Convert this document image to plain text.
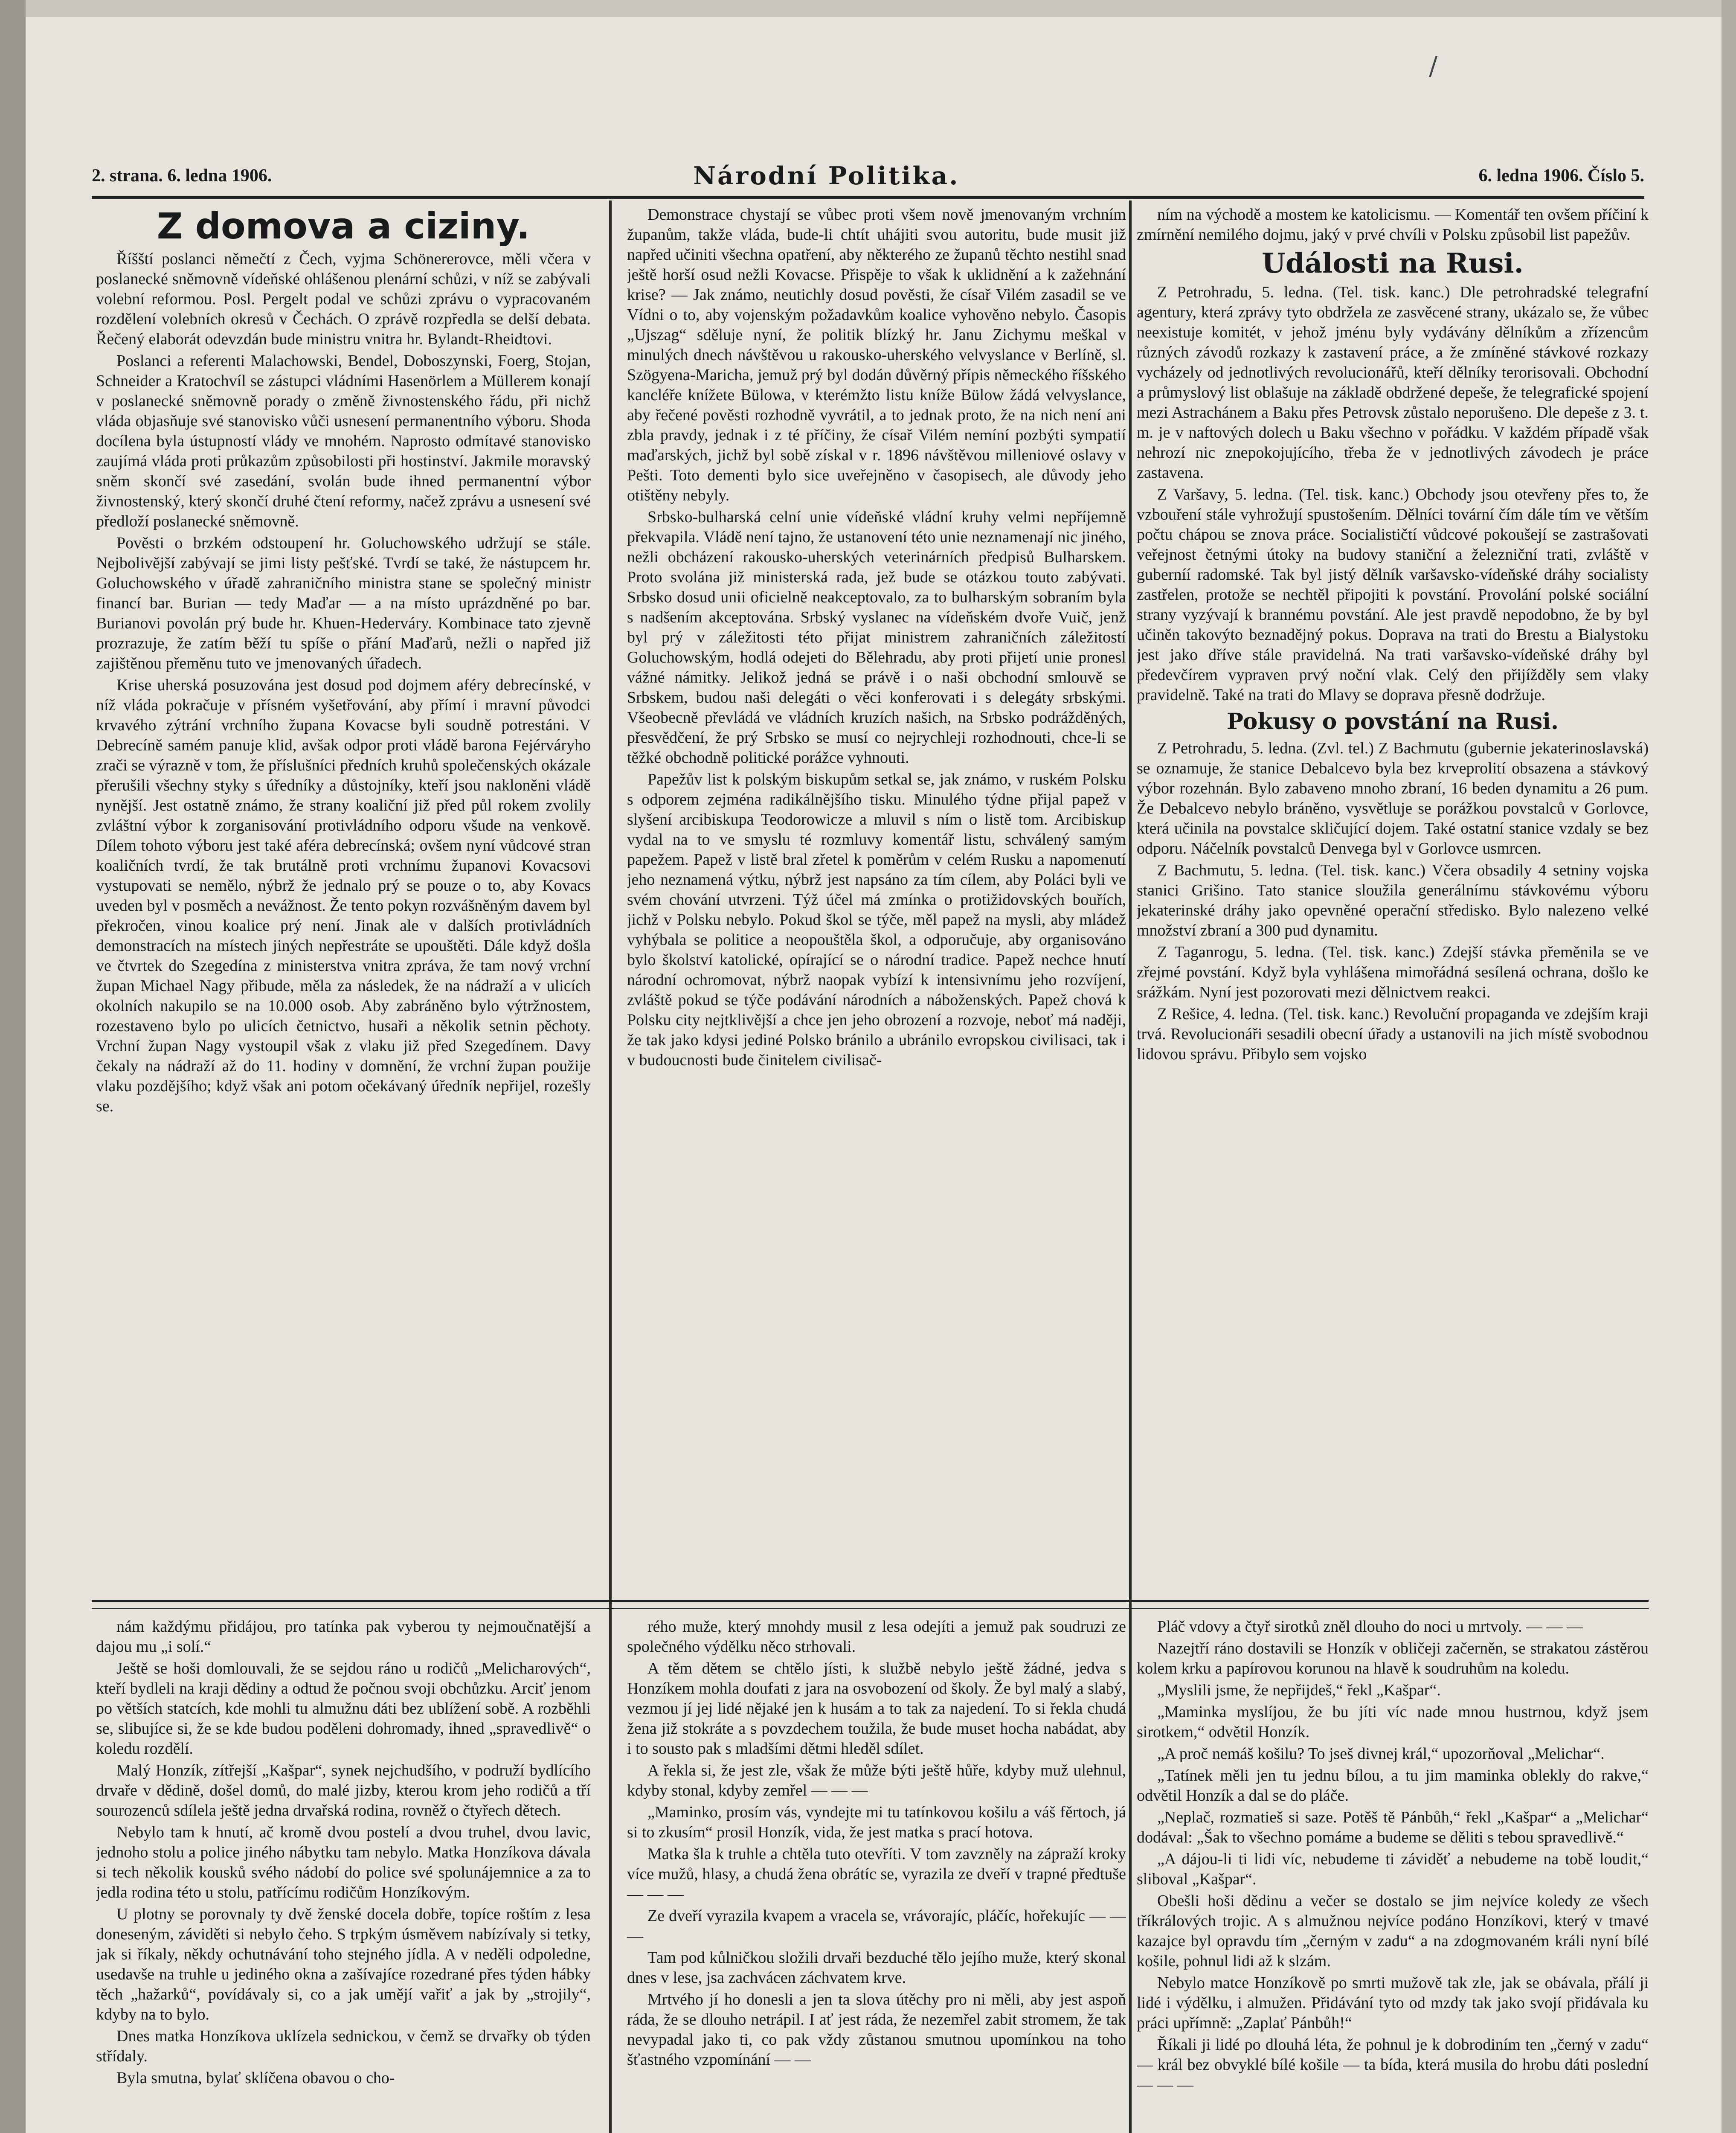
/
2. strana. 6. ledna 1906.	Národní Politika.	6. ledna 1906. Číslo 5.

Z domova a ciziny.

Říšští poslanci němečtí z Čech, vyjma Schönererovce, měli včera v poslanecké sněmovně vídeňské ohlášenou plenární schůzi, v níž se zabývali volební reformou. Posl. Pergelt podal ve schůzi zprávu o vypracovaném rozdělení volebních okresů v Čechách. O zprávě rozpředla se delší debata. Řečený elaborát odevzdán bude ministru vnitra hr. Bylandt-Rheidtovi.

Poslanci a referenti Malachowski, Bendel, Doboszynski, Foerg, Stojan, Schneider a Kratochvíl se zástupci vládními Hasenörlem a Müllerem konají v poslanecké sněmovně porady o změně živnostenského řádu, při nichž vláda objasňuje své stanovisko vůči usnesení permanentního výboru. Shoda docílena byla ústupností vlády ve mnohém. Naprosto odmítavé stanovisko zaujímá vláda proti průkazům způsobilosti při hostinství. Jakmile moravský sněm skončí své zasedání, svolán bude ihned permanentní výbor živnostenský, který skončí druhé čtení reformy, načež zprávu a usnesení své předloží poslanecké sněmovně.

Pověsti o brzkém odstoupení hr. Goluchowského udržují se stále. Nejbolivější zabývají se jimi listy pešťské. Tvrdí se také, že nástupcem hr. Goluchowského v úřadě zahraničního ministra stane se společný ministr financí bar. Burian — tedy Maďar — a na místo uprázdněné po bar. Burianovi povolán prý bude hr. Khuen-Hederváry. Kombinace tato zjevně prozrazuje, že zatím běží tu spíše o přání Maďarů, nežli o napřed již zajištěnou přeměnu tuto ve jmenovaných úřadech.

Krise uherská posuzována jest dosud pod dojmem aféry debrecínské, v níž vláda pokračuje v přísném vyšetřování, aby přímí i mravní původci krvavého zýtrání vrchního župana Kovacse byli soudně potrestáni. V Debrecíně samém panuje klid, avšak odpor proti vládě barona Fejérváryho zrači se výrazně v tom, že příslušníci předních kruhů společenských okázale přerušili všechny styky s úředníky a důstojníky, kteří jsou nakloněni vládě nynější. Jest ostatně známo, že strany koaliční již před půl rokem zvolily zvláštní výbor k zorganisování protivládního odporu všude na venkově. Dílem tohoto výboru jest také aféra debrecínská; ovšem nyní vůdcové stran koaličních tvrdí, že tak brutálně proti vrchnímu županovi Kovacsovi vystupovati se nemělo, nýbrž že jednalo prý se pouze o to, aby Kovacs uveden byl v posměch a nevážnost. Že tento pokyn rozvášněným davem byl překročen, vinou koalice prý není. Jinak ale v dalších protivládních demonstracích na místech jiných nepřestráte se upouštěti. Dále když došla ve čtvrtek do Szegedína z ministerstva vnitra zpráva, že tam nový vrchní župan Michael Nagy přibude, měla za následek, že na nádraží a v ulicích okolních nakupilo se na 10.000 osob. Aby zabráněno bylo výtržnostem, rozestaveno bylo po ulicích četnictvo, husaři a několik setnin pěchoty. Vrchní župan Nagy vystoupil však z vlaku již před Szegedínem. Davy čekaly na nádraží až do 11. hodiny v domnění, že vrchní župan použije vlaku pozdějšího; když však ani potom očekávaný úředník nepřijel, rozešly se.

Demonstrace chystají se vůbec proti všem nově jmenovaným vrchním županům, takže vláda, bude-li chtít uhájiti svou autoritu, bude musit již napřed učiniti všechna opatření, aby některého ze županů těchto nestihl snad ještě horší osud nežli Kovacse. Přispěje to však k uklidnění a k zažehnání krise? — Jak známo, neutichly dosud pověsti, že císař Vilém zasadil se ve Vídni o to, aby vojenským požadavkům koalice vyhověno nebylo. Časopis „Ujszag“ sděluje nyní, že politik blízký hr. Janu Zichymu meškal v minulých dnech návštěvou u rakousko-uherského velvyslance v Berlíně, sl. Szögyena-Maricha, jemuž prý byl dodán důvěrný přípis německého říšského kancléře knížete Bülowa, v kterémžto listu kníže Bülow žádá velvyslance, aby řečené pověsti rozhodně vyvrátil, a to jednak proto, že na nich není ani zbla pravdy, jednak i z té příčiny, že císař Vilém nemíní pozbýti sympatií maďarských, jichž byl sobě získal v r. 1896 návštěvou milleniové oslavy v Pešti. Toto dementi bylo sice uveřejněno v časopisech, ale důvody jeho otištěny nebyly.

Srbsko-bulharská celní unie vídeňské vládní kruhy velmi nepříjemně překvapila. Vládě není tajno, že ustanovení této unie neznamenají nic jiného, nežli obcházení rakousko-uherských veterinárních předpisů Bulharskem. Proto svolána již ministerská rada, jež bude se otázkou touto zabývati. Srbsko dosud unii oficielně neakceptovalo, za to bulharským sobraním byla s nadšením akceptována. Srbský vyslanec na vídeňském dvoře Vuič, jenž byl prý v záležitosti této přijat ministrem zahraničních záležitostí Goluchowským, hodlá odejeti do Bělehradu, aby proti přijetí unie pronesl vážné námitky. Jelikož jedná se právě i o naši obchodní smlouvě se Srbskem, budou naši delegáti o věci konferovati i s delegáty srbskými. Všeobecně převládá ve vládních kruzích našich, na Srbsko podrážděných, přesvědčení, že prý Srbsko se musí co nejrychleji rozhodnouti, chce-li se těžké obchodně politické porážce vyhnouti.

Papežův list k polským biskupům setkal se, jak známo, v ruském Polsku s odporem zejména radikálnějšího tisku. Minulého týdne přijal papež v slyšení arcibiskupa Teodorowicze a mluvil s ním o listě tom. Arcibiskup vydal na to ve smyslu té rozmluvy komentář listu, schválený samým papežem. Papež v listě bral zřetel k poměrům v celém Rusku a napomenutí jeho neznamená výtku, nýbrž jest napsáno za tím cílem, aby Poláci byli ve svém chování utvrzeni. Týž účel má zmínka o protižidovských bouřích, jichž v Polsku nebylo. Pokud škol se týče, měl papež na mysli, aby mládež vyhýbala se politice a neopouštěla škol, a odporučuje, aby organisováno bylo školství katolické, opírající se o národní tradice. Papež nechce hnutí národní ochromovat, nýbrž naopak vybízí k intensivnímu jeho rozvíjení, zvláště pokud se týče podávání národních a náboženských. Papež chová k Polsku city nejtklivější a chce jen jeho obrození a rozvoje, neboť má naději, že tak jako kdysi jediné Polsko bránilo a ubránilo evropskou civilisaci, tak i v budoucnosti bude činitelem civilisač-

ním na východě a mostem ke katolicismu. — Komentář ten ovšem příčiní k zmírnění nemilého dojmu, jaký v prvé chvíli v Polsku způsobil list papežův.

Události na Rusi.

Z Petrohradu, 5. ledna. (Tel. tisk. kanc.) Dle petrohradské telegrafní agentury, která zprávy tyto obdržela ze zasvěcené strany, ukázalo se, že vůbec neexistuje komitét, v jehož jménu byly vydávány dělníkům a zřízencům různých závodů rozkazy k zastavení práce, a že zmíněné stávkové rozkazy vycházely od jednotlivých revolucionářů, kteří dělníky terorisovali. Obchodní a průmyslový list oblašuje na základě obdržené depeše, že telegrafické spojení mezi Astrachánem a Baku přes Petrovsk zůstalo neporušeno. Dle depeše z 3. t. m. je v naftových dolech u Baku všechno v pořádku. V každém případě však nehrozí nic znepokojujícího, třeba že v jednotlivých závodech je práce zastavena.

Z Varšavy, 5. ledna. (Tel. tisk. kanc.) Obchody jsou otevřeny přes to, že vzbouření stále vyhrožují spustošením. Dělníci tovární čím dále tím ve větším počtu chápou se znova práce. Socialističtí vůdcové pokoušejí se zastrašovati veřejnost četnými útoky na budovy staniční a železniční trati, zvláště v guberníí radomské. Tak byl jistý dělník varšavsko-vídeňské dráhy socialisty zastřelen, protože se nechtěl připojiti k povstání. Provolání polské sociální strany vyzývají k brannému povstání. Ale jest pravdě nepodobno, že by byl učiněn takovýto beznadějný pokus. Doprava na trati do Brestu a Bialystoku jest jako dříve stále pravidelná. Na trati varšavsko-vídeňské dráhy byl předevčírem vypraven prvý noční vlak. Celý den přijížděly sem vlaky pravidelně. Také na trati do Mlavy se doprava přesně dodržuje.

Pokusy o povstání na Rusi.

Z Petrohradu, 5. ledna. (Zvl. tel.) Z Bachmutu (gubernie jekaterinoslavská) se oznamuje, že stanice Debalcevo byla bez krveprolití obsazena a stávkový výbor rozehnán. Bylo zabaveno mnoho zbraní, 16 beden dynamitu a 26 pum. Že Debalcevo nebylo bráněno, vysvětluje se porážkou povstalců v Gorlovce, která učinila na povstalce skličující dojem. Také ostatní stanice vzdaly se bez odporu. Náčelník povstalců Denvega byl v Gorlovce usmrcen.

Z Bachmutu, 5. ledna. (Tel. tisk. kanc.) Včera obsadily 4 setniny vojska stanici Grišino. Tato stanice sloužila generálnímu stávkovému výboru jekaterinské dráhy jako opevněné operační středisko. Bylo nalezeno velké množství zbraní a 300 pud dynamitu.

Z Taganrogu, 5. ledna. (Tel. tisk. kanc.) Zdejší stávka přeměnila se ve zřejmé povstání. Když byla vyhlášena mimořádná sesílená ochrana, došlo ke srážkám. Nyní jest pozorovati mezi dělnictvem reakci.

Z Rešice, 4. ledna. (Tel. tisk. kanc.) Revoluční propaganda ve zdejším kraji trvá. Revolucionáři sesadili obecní úřady a ustanovili na jich místě svobodnou lidovou správu. Přibylo sem vojsko

nám každýmu přidájou, pro tatínka pak vyberou ty nejmoučnatější a dajou mu „i solí.“

Ještě se hoši domlouvali, že se sejdou ráno u rodičů „Melicharových“, kteří bydleli na kraji dědiny a odtud že počnou svoji obchůzku. Arciť jenom po větších statcích, kde mohli tu almužnu dáti bez ublížení sobě. A rozběhli se, slibujíce si, že se kde budou poděleni dohromady, ihned „spravedlivě“ o koledu rozdělí.

Malý Honzík, zítřejší „Kašpar“, synek nejchudšího, v podruží bydlícího drvaře v dědině, došel domů, do malé jizby, kterou krom jeho rodičů a tří sourozenců sdílela ještě jedna drvařská rodina, rovněž o čtyřech dětech.

Nebylo tam k hnutí, ač kromě dvou postelí a dvou truhel, dvou lavic, jednoho stolu a police jiného nábytku tam nebylo. Matka Honzíkova dávala si tech několik kousků svého nádobí do police své spolunájemnice a za to jedla rodina této u stolu, patřícímu rodičům Honzíkovým.

U plotny se porovnaly ty dvě ženské docela dobře, topíce roštím z lesa doneseným, záviděti si nebylo čeho. S trpkým úsměvem nabízívaly si tetky, jak si říkaly, někdy ochutnávání toho stejného jídla. A v neděli odpoledne, usedavše na truhle u jediného okna a zašívajíce rozedrané přes týden hábky těch „hažarků“, povídávaly si, co a jak umějí vařiť a jak by „strojily“, kdyby na to bylo.

Dnes matka Honzíkova uklízela sednickou, v čemž se drvařky ob týden střídaly.

Byla smutna, bylať sklíčena obavou o cho-

rého muže, který mnohdy musil z lesa odejíti a jemuž pak soudruzi ze společného výdělku něco strhovali.

A těm dětem se chtělo jísti, k službě nebylo ještě žádné, jedva s Honzíkem mohla doufati z jara na osvobození od školy. Že byl malý a slabý, vezmou jí jej lidé nějaké jen k husám a to tak za najedení. To si řekla chudá žena již stokráte a s povzdechem toužila, že bude muset hocha nabádat, aby i to sousto pak s mladšími dětmi hleděl sdílet.

A řekla si, že jest zle, však že může býti ještě hůře, kdyby muž ulehnul, kdyby stonal, kdyby zemřel — — —

„Maminko, prosím vás, vyndejte mi tu tatínkovou košilu a váš fěrtoch, já si to zkusím“ prosil Honzík, vida, že jest matka s prací hotova.

Matka šla k truhle a chtěla tuto otevříti. V tom zavzněly na zápraží kroky více mužů, hlasy, a chudá žena obrátíc se, vyrazila ze dveří v trapné předtuše — — —

Ze dveří vyrazila kvapem a vracela se, vrávorajíc, pláčíc, hořekujíc — — —

Tam pod kůlničkou složili drvaři bezduché tělo jejího muže, který skonal dnes v lese, jsa zachvácen záchvatem krve.

Mrtvého jí ho donesli a jen ta slova útěchy pro ni měli, aby jest aspoň ráda, že se dlouho netrápil. I ať jest ráda, že nezemřel zabit stromem, že tak nevypadal jako ti, co pak vždy zůstanou smutnou upomínkou na toho šťastného vzpomínání — —

Pláč vdovy a čtyř sirotků zněl dlouho do noci u mrtvoly. — — —

Nazejtří ráno dostavili se Honzík v obličeji začerněn, se strakatou zástěrou kolem krku a papírovou korunou na hlavě k soudruhům na koledu.

„Myslili jsme, že nepřijdeš,“ řekl „Kašpar“.

„Maminka myslíjou, že bu jíti víc nade mnou hustrnou, když jsem sirotkem,“ odvětil Honzík.

„A proč nemáš košilu? To jseš divnej král,“ upozorňoval „Melichar“.

„Tatínek měli jen tu jednu bílou, a tu jim maminka oblekly do rakve,“ odvětil Honzík a dal se do pláče.

„Neplač, rozmatieš si saze. Potěš tě Pánbůh,“ řekl „Kašpar“ a „Melichar“ dodával: „Šak to všechno pomáme a budeme se děliti s tebou spravedlivě.“

„A dájou-li ti lidi víc, nebudeme ti záviděť a nebudeme na tobě loudit,“ sliboval „Kašpar“.

Obešli hoši dědinu a večer se dostalo se jim nejvíce koledy ze všech tříkrálových trojic. A s almužnou nejvíce podáno Honzíkovi, který v tmavé kazajce byl opravdu tím „černým v zadu“ a na zdogmovaném králi nyní bílé košile, pohnul lidi až k slzám.

Nebylo matce Honzíkově po smrti mužově tak zle, jak se obávala, přálí ji lidé i výdělku, i almužen. Přidávání tyto od mzdy tak jako svojí přidávala ku práci upřímně: „Zaplať Pánbůh!“

Říkali ji lidé po dlouhá léta, že pohnul je k dobrodiním ten „černý v zadu“ — král bez obvyklé bílé košile — ta bída, která musila do hrobu dáti poslední — — —
